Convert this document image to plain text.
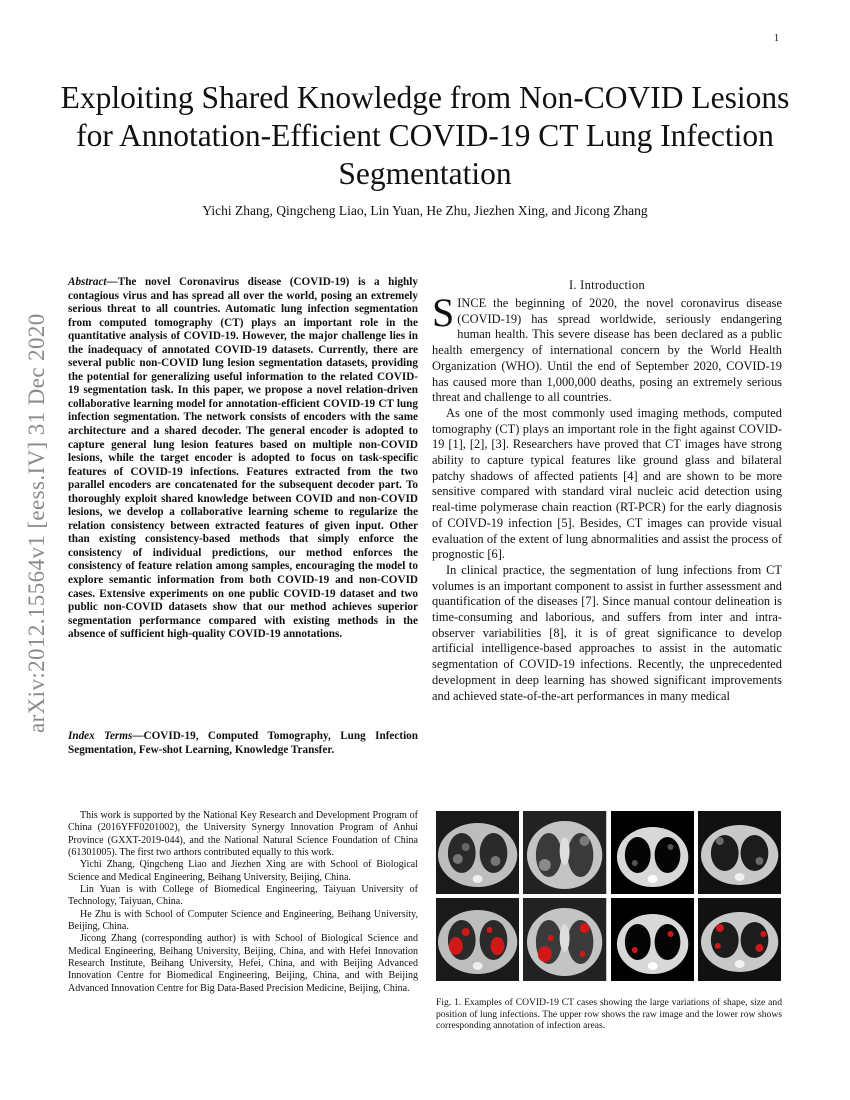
1
arXiv:2012.15564v1 [eess.IV] 31 Dec 2020
Exploiting Shared Knowledge from Non-COVID Lesions for Annotation-Efficient COVID-19 CT Lung Infection Segmentation
Yichi Zhang, Qingcheng Liao, Lin Yuan, He Zhu, Jiezhen Xing, and Jicong Zhang
Abstract—The novel Coronavirus disease (COVID-19) is a highly contagious virus and has spread all over the world, posing an extremely serious threat to all countries. Automatic lung infection segmentation from computed tomography (CT) plays an important role in the quantitative analysis of COVID-19. However, the major challenge lies in the inadequacy of annotated COVID-19 datasets. Currently, there are several public non-COVID lung lesion segmentation datasets, providing the potential for generalizing useful information to the related COVID-19 segmentation task. In this paper, we propose a novel relation-driven collaborative learning model for annotation-efficient COVID-19 CT lung infection segmentation. The network consists of encoders with the same architecture and a shared decoder. The general encoder is adopted to capture general lung lesion features based on multiple non-COVID lesions, while the target encoder is adopted to focus on task-specific features of COVID-19 infections. Features extracted from the two parallel encoders are concatenated for the subsequent decoder part. To thoroughly exploit shared knowledge between COVID and non-COVID lesions, we develop a collaborative learning scheme to regularize the relation consistency between extracted features of given input. Other than existing consistency-based methods that simply enforce the consistency of individual predictions, our method enforces the consistency of feature relation among samples, encouraging the model to explore semantic information from both COVID-19 and non-COVID cases. Extensive experiments on one public COVID-19 dataset and two public non-COVID datasets show that our method achieves superior segmentation performance compared with existing methods in the absence of sufficient high-quality COVID-19 annotations.
Index Terms—COVID-19, Computed Tomography, Lung Infection Segmentation, Few-shot Learning, Knowledge Transfer.

This work is supported by the National Key Research and Development Program of China (2016YFF0201002), the University Synergy Innovation Program of Anhui Province (GXXT-2019-044), and the National Natural Science Foundation of China (61301005). The first two arthors contributed equally to this work.

Yichi Zhang, Qingcheng Liao and Jiezhen Xing are with School of Biological Science and Medical Engineering, Beihang University, Beijing, China.

Lin Yuan is with College of Biomedical Engineering, Taiyuan University of Technology, Taiyuan, China.

He Zhu is with School of Computer Science and Engineering, Beihang University, Beijing, China.

Jicong Zhang (corresponding author) is with School of Biological Science and Medical Engineering, Beihang University, Beijing, China, and with Hefei Innovation Research Institute, Beihang University, Hefei, China, and with Beijing Advanced Innovation Centre for Biomedical Engineering, Beijing, China, and with Beijing Advanced Innovation Centre for Big Data-Based Precision Medicine, Beijing, China.

I. Introduction

SINCE the beginning of 2020, the novel coronavirus disease (COVID-19) has spread worldwide, seriously endangering human health. This severe disease has been declared as a public health emergency of international concern by the World Health Organization (WHO). Until the end of September 2020, COVID-19 has caused more than 1,000,000 deaths, posing an extremely serious threat and challenge to all countries.

As one of the most commonly used imaging methods, computed tomography (CT) plays an important role in the fight against COVID-19 [1], [2], [3]. Researchers have proved that CT images have strong ability to capture typical features like ground glass and bilateral patchy shadows of affected patients [4] and are shown to be more sensitive compared with standard viral nucleic acid detection using real-time polymerase chain reaction (RT-PCR) for the early diagnosis of COIVD-19 infection [5]. Besides, CT images can provide visual evaluation of the extent of lung abnormalities and assist the process of prognostic [6].

In clinical practice, the segmentation of lung infections from CT volumes is an important component to assist in further assessment and quantification of the diseases [7]. Since manual contour delineation is time-consuming and laborious, and suffers from inter and intra-observer variabilities [8], it is of great significance to develop artificial intelligence-based approaches to assist in the automatic segmentation of COVID-19 infections. Recently, the unprecedented development in deep learning has showed significant improvements and achieved state-of-the-art performances in many medical

Fig. 1. Examples of COVID-19 CT cases showing the large variations of shape, size and position of lung infections. The upper row shows the raw image and the lower row shows corresponding annotation of infection areas.
